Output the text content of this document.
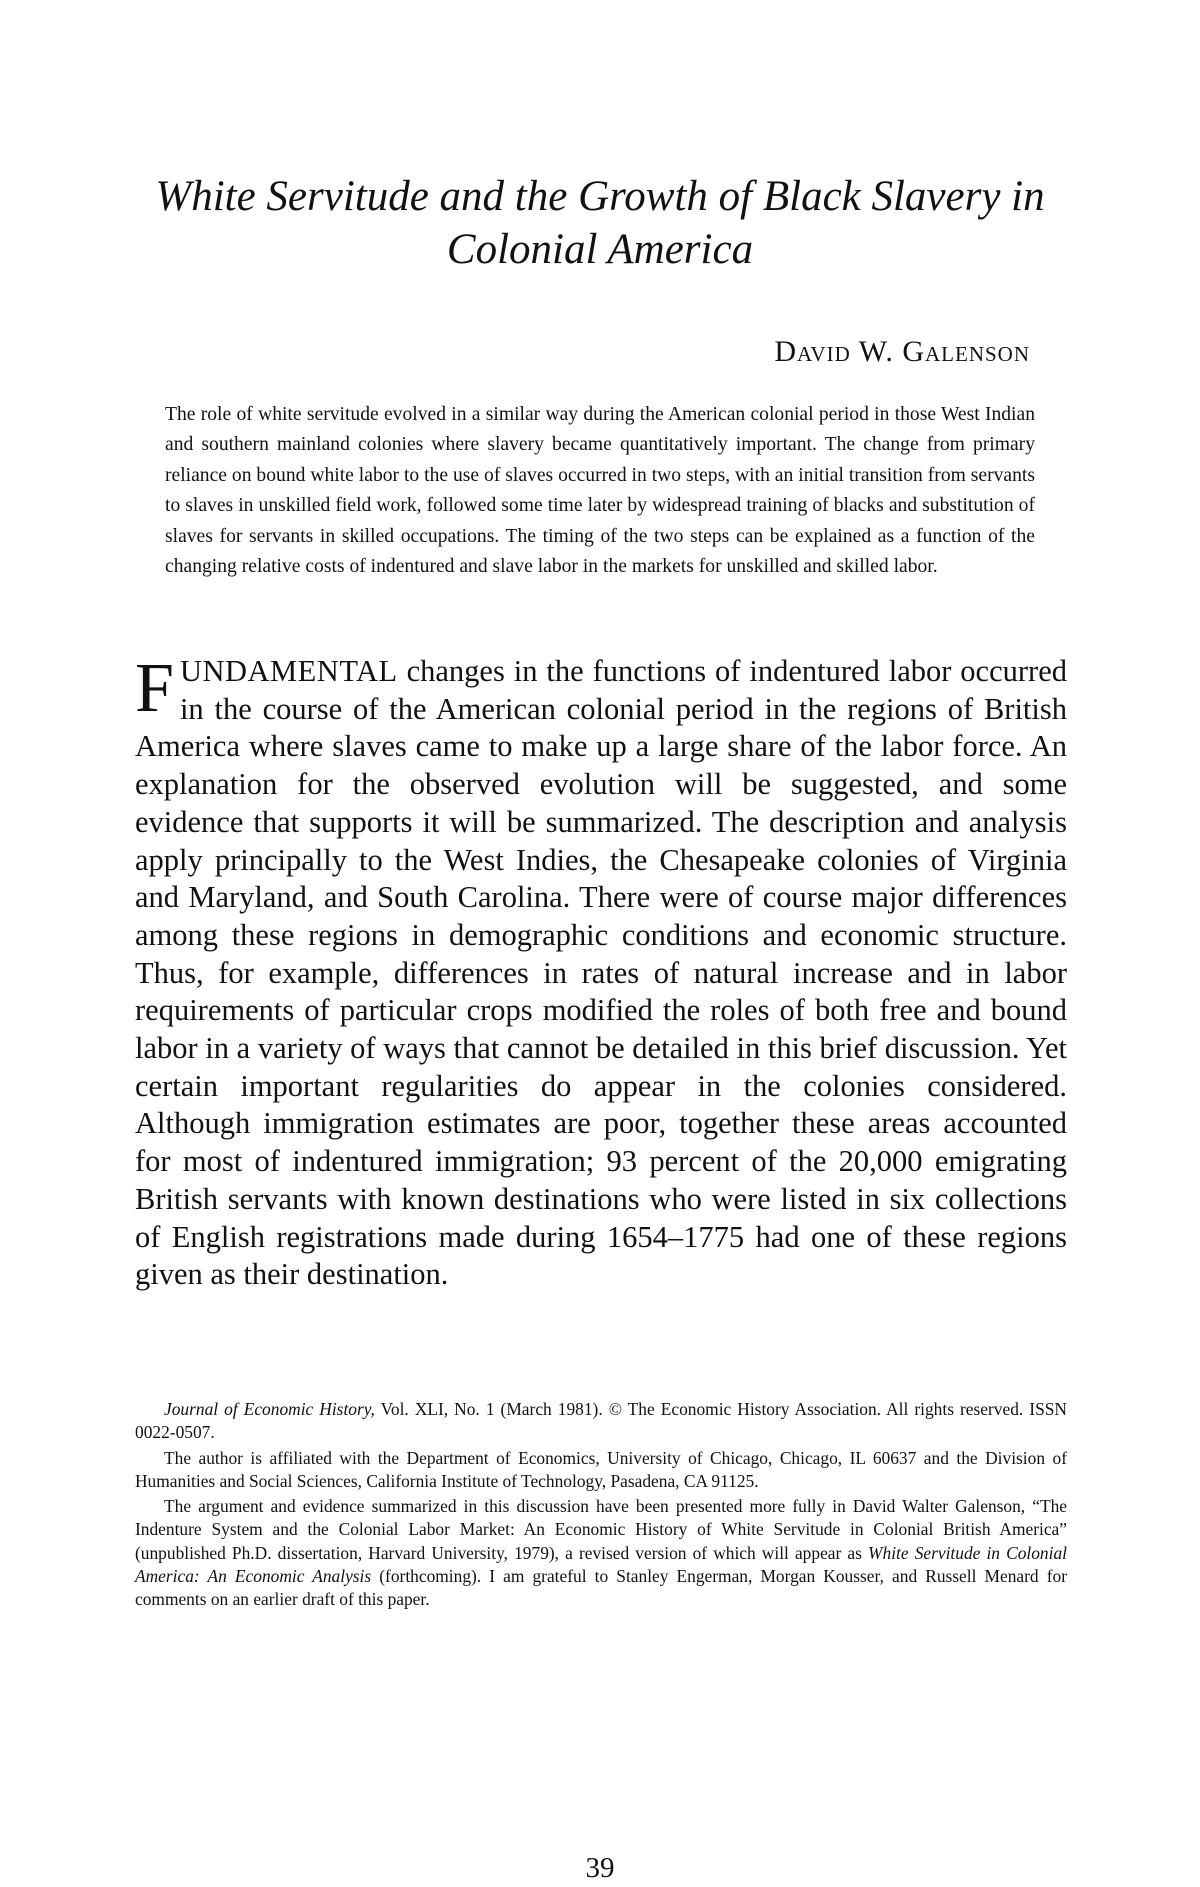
White Servitude and the Growth of Black Slavery in Colonial America

David W. Galenson

The role of white servitude evolved in a similar way during the American colonial period in those West Indian and southern mainland colonies where slavery became quantitatively important. The change from primary reliance on bound white labor to the use of slaves occurred in two steps, with an initial transition from servants to slaves in unskilled field work, followed some time later by widespread training of blacks and substitution of slaves for servants in skilled occupations. The timing of the two steps can be explained as a function of the changing relative costs of indentured and slave labor in the markets for unskilled and skilled labor.

FUNDAMENTAL changes in the functions of indentured labor occurred in the course of the American colonial period in the regions of British America where slaves came to make up a large share of the labor force. An explanation for the observed evolution will be suggested, and some evidence that supports it will be summarized. The description and analysis apply principally to the West Indies, the Chesapeake colonies of Virginia and Maryland, and South Carolina. There were of course major differences among these regions in demographic conditions and economic structure. Thus, for example, differences in rates of natural increase and in labor requirements of particular crops modified the roles of both free and bound labor in a variety of ways that cannot be detailed in this brief discussion. Yet certain important regularities do appear in the colonies considered. Although immigration estimates are poor, together these areas accounted for most of indentured immigration; 93 percent of the 20,000 emigrating British servants with known destinations who were listed in six collections of English registrations made during 1654–1775 had one of these regions given as their destination.

Journal of Economic History, Vol. XLI, No. 1 (March 1981). © The Economic History Association. All rights reserved. ISSN 0022-0507.

The author is affiliated with the Department of Economics, University of Chicago, Chicago, IL 60637 and the Division of Humanities and Social Sciences, California Institute of Technology, Pasadena, CA 91125.

The argument and evidence summarized in this discussion have been presented more fully in David Walter Galenson, “The Indenture System and the Colonial Labor Market: An Economic History of White Servitude in Colonial British America” (unpublished Ph.D. dissertation, Harvard University, 1979), a revised version of which will appear as White Servitude in Colonial America: An Economic Analysis (forthcoming). I am grateful to Stanley Engerman, Morgan Kousser, and Russell Menard for comments on an earlier draft of this paper.

39
